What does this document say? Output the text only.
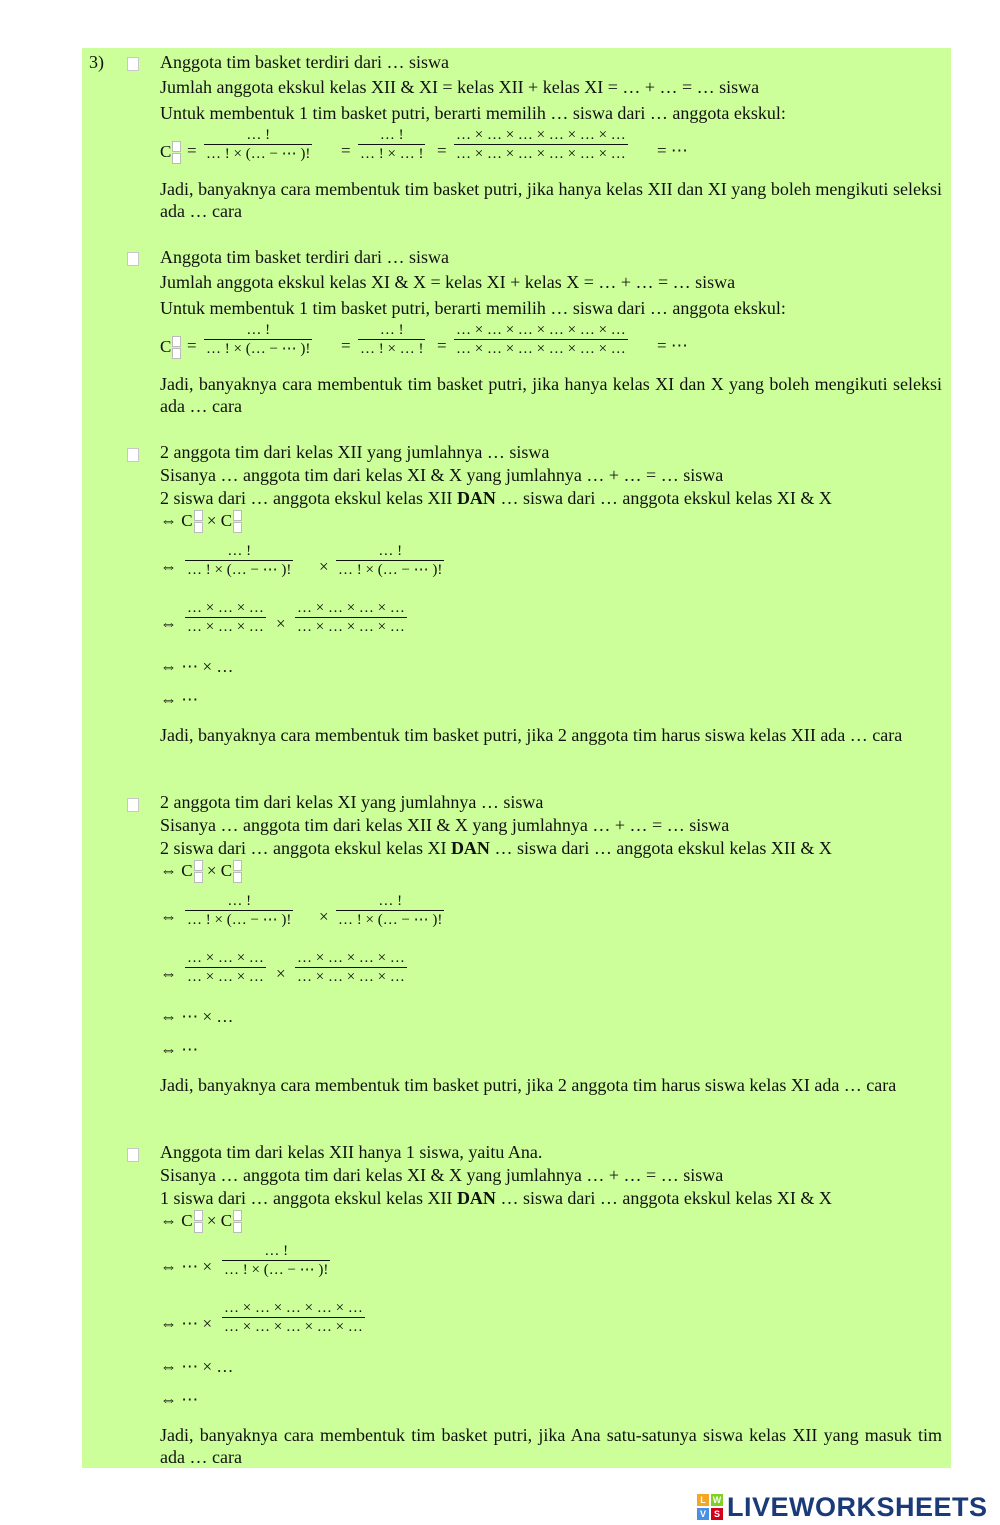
3)	Anggota tim basket terdiri dari … siswa
Jumlah anggota ekskul kelas XII & XI = kelas XII + kelas XI = … + … = … siswa
Untuk membentuk 1 tim basket putri, berarti memilih … siswa dari … anggota ekskul:
C =
… !
… ! × (… − ⋯ )! =
… !
… ! × … ! =
… × … × … × … × … × …
… × … × … × … × … × … = ⋯
Jadi, banyaknya cara membentuk tim basket putri, jika hanya kelas XII dan XI yang boleh mengikuti seleksi ada … cara
Anggota tim basket terdiri dari … siswa
Jumlah anggota ekskul kelas XI & X = kelas XI + kelas X = … + … = … siswa
Untuk membentuk 1 tim basket putri, berarti memilih … siswa dari … anggota ekskul:
C =
… !
… ! × (… − ⋯ )! =
… !
… ! × … ! =
… × … × … × … × … × …
… × … × … × … × … × … = ⋯
Jadi, banyaknya cara membentuk tim basket putri, jika hanya kelas XI dan X yang boleh mengikuti seleksi ada … cara
2 anggota tim dari kelas XII yang jumlahnya … siswa
Sisanya … anggota tim dari kelas XI & X yang jumlahnya … + … = … siswa
2 siswa dari … anggota ekskul kelas XII DAN … siswa dari … anggota ekskul kelas XI & X
⇔ C × C
⇔
… !
… ! × (… − ⋯ )! ×
… !
… ! × (… − ⋯ )!
⇔
… × … × …
… × … × … ×
… × … × … × …
… × … × … × …
⇔ ⋯ × …
⇔ ⋯
Jadi, banyaknya cara membentuk tim basket putri, jika 2 anggota tim harus siswa kelas XII ada … cara
2 anggota tim dari kelas XI yang jumlahnya … siswa
Sisanya … anggota tim dari kelas XII & X yang jumlahnya … + … = … siswa
2 siswa dari … anggota ekskul kelas XI DAN … siswa dari … anggota ekskul kelas XII & X
⇔ C × C
⇔
… !
… ! × (… − ⋯ )! ×
… !
… ! × (… − ⋯ )!
⇔
… × … × …
… × … × … ×
… × … × … × …
… × … × … × …
⇔ ⋯ × …
⇔ ⋯
Jadi, banyaknya cara membentuk tim basket putri, jika 2 anggota tim harus siswa kelas XI ada … cara
Anggota tim dari kelas XII hanya 1 siswa, yaitu Ana.
Sisanya … anggota tim dari kelas XI & X yang jumlahnya … + … = … siswa
1 siswa dari … anggota ekskul kelas XII DAN … siswa dari … anggota ekskul kelas XI & X
⇔ C × C
⇔ ⋯ ×
… !
… ! × (… − ⋯ )!
⇔ ⋯ ×
… × … × … × … × …
… × … × … × … × …
⇔ ⋯ × …
⇔ ⋯
Jadi, banyaknya cara membentuk tim basket putri, jika Ana satu-satunya siswa kelas XII yang masuk tim ada … cara
L W
V S LIVEWORKSHEETS
